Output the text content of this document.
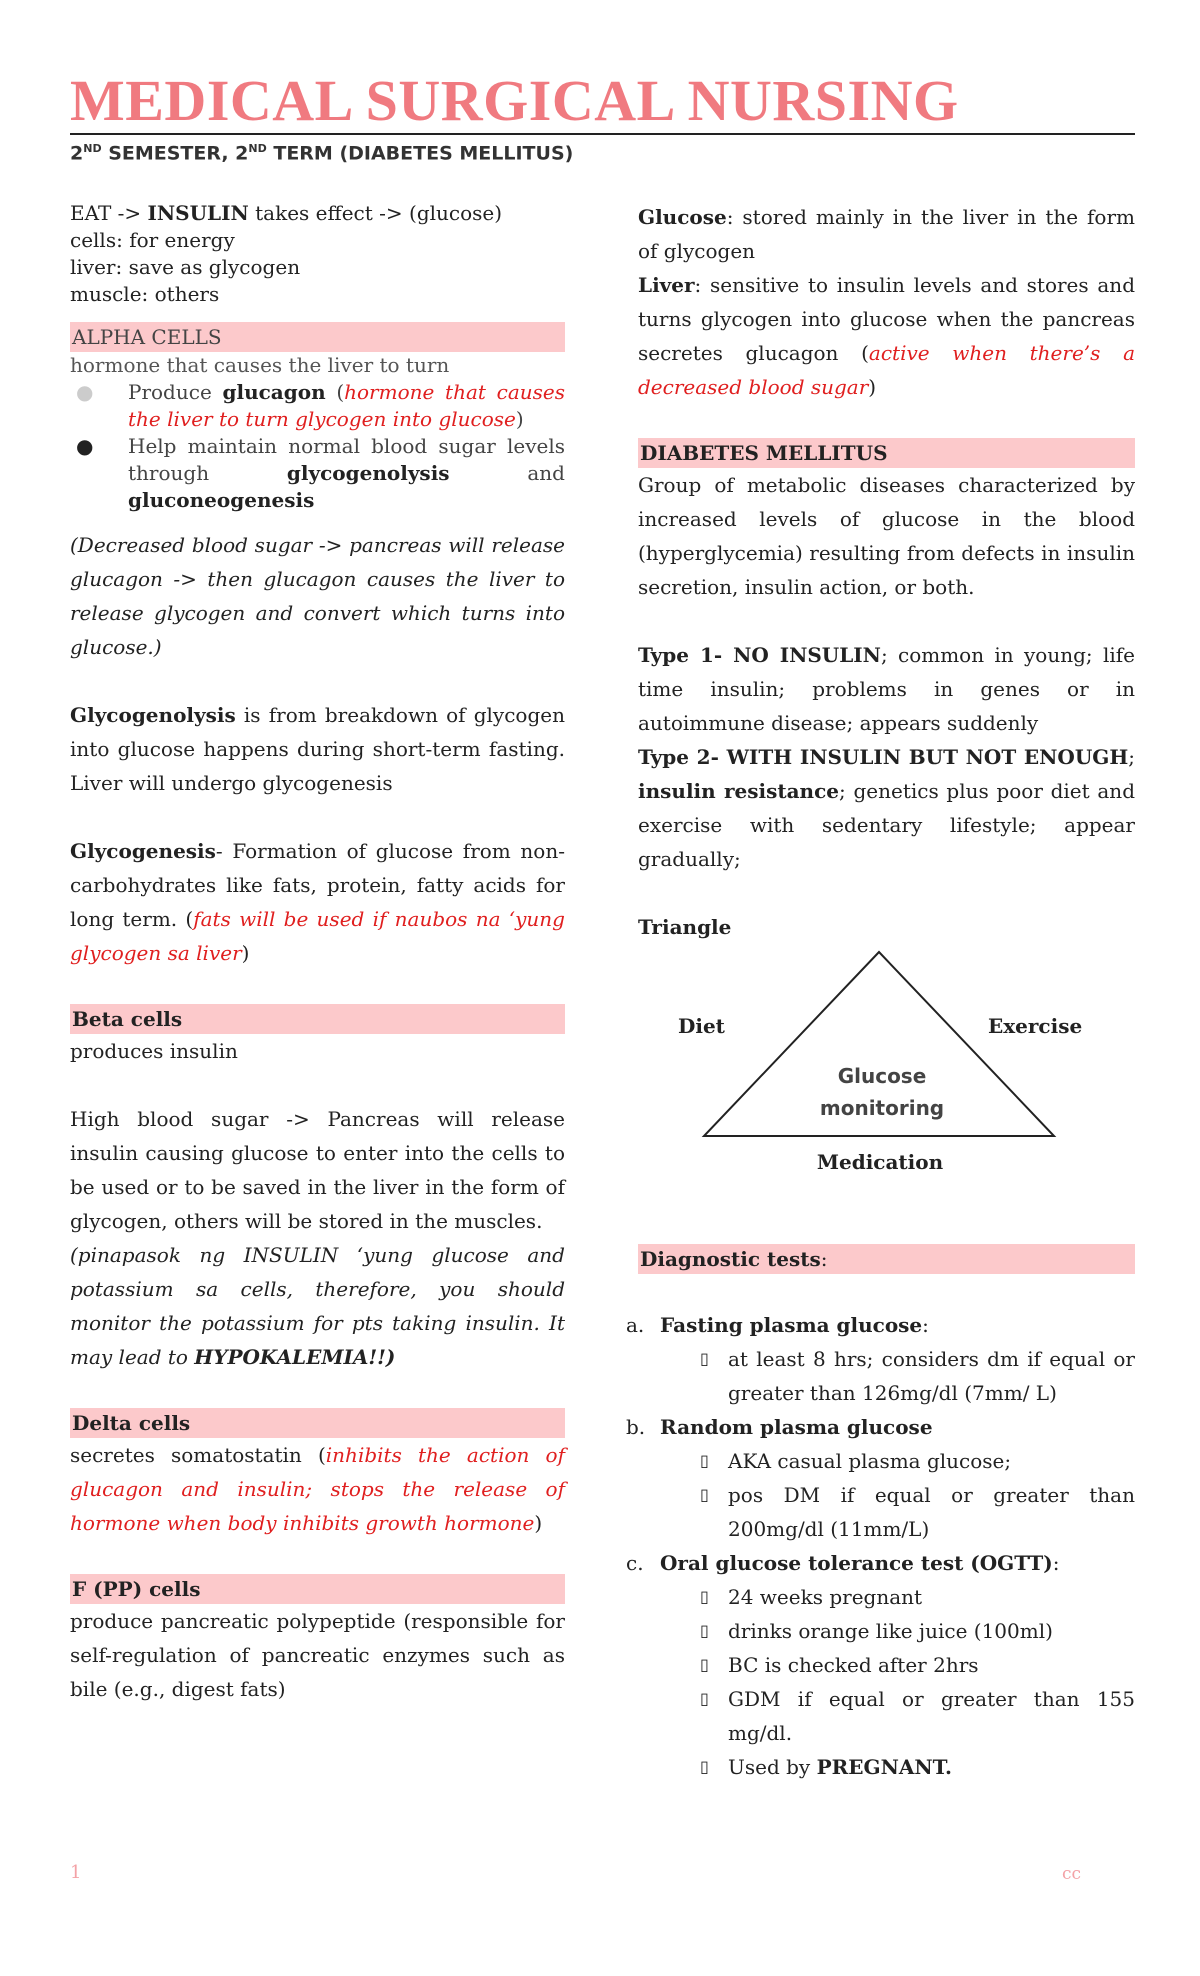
MEDICAL SURGICAL NURSING
2ND SEMESTER, 2ND TERM (DIABETES MELLITUS)

EAT -> INSULIN takes effect -> (glucose)

cells: for energy

liver: save as glycogen

muscle: others

ALPHA CELLS

hormone that causes the liver to turn

● Produce glucagon (hormone that causes the liver to turn glycogen into glucose)
● Help maintain normal blood sugar levels through glycogenolysis and gluconeogenesis

(Decreased blood sugar -> pancreas will release glucagon -> then glucagon causes the liver to release glycogen and convert which turns into glucose.)

Glycogenolysis is from breakdown of glycogen into glucose happens during short-term fasting. Liver will undergo glycogenesis

Glycogenesis- Formation of glucose from non-carbohydrates like fats, protein, fatty acids for long term. (fats will be used if naubos na ‘yung glycogen sa liver)

Beta cells

produces insulin

High blood sugar -> Pancreas will release insulin causing glucose to enter into the cells to be used or to be saved in the liver in the form of glycogen, others will be stored in the muscles.

(pinapasok ng INSULIN ‘yung glucose and potassium sa cells, therefore, you should monitor the potassium for pts taking insulin. It may lead to HYPOKALEMIA!!)

Delta cells

secretes somatostatin (inhibits the action of glucagon and insulin; stops the release of hormone when body inhibits growth hormone)

F (PP) cells

produce pancreatic polypeptide (responsible for self-regulation of pancreatic enzymes such as bile (e.g., digest fats)

Glucose: stored mainly in the liver in the form of glycogen

Liver: sensitive to insulin levels and stores and turns glycogen into glucose when the pancreas secretes glucagon (active when there’s a decreased blood sugar)

DIABETES MELLITUS

Group of metabolic diseases characterized by increased levels of glucose in the blood (hyperglycemia) resulting from defects in insulin secretion, insulin action, or both.

Type 1- NO INSULIN; common in young; life time insulin; problems in genes or in autoimmune disease; appears suddenly

Type 2- WITH INSULIN BUT NOT ENOUGH; insulin resistance; genetics plus poor diet and exercise with sedentary lifestyle; appear gradually;

Triangle

Diet	Exercise
Glucose
monitoring
Medication

Diagnostic tests:

a. Fasting plasma glucose:
▯ at least 8 hrs; considers dm if equal or greater than 126mg/dl (7mm/ L)
b. Random plasma glucose
▯ AKA casual plasma glucose;
▯ pos DM if equal or greater than 200mg/dl (11mm/L)
c. Oral glucose tolerance test (OGTT):
▯ 24 weeks pregnant
▯ drinks orange like juice (100ml)
▯ BC is checked after 2hrs
▯ GDM if equal or greater than 155 mg/dl.
▯ Used by PREGNANT.
1	cc
